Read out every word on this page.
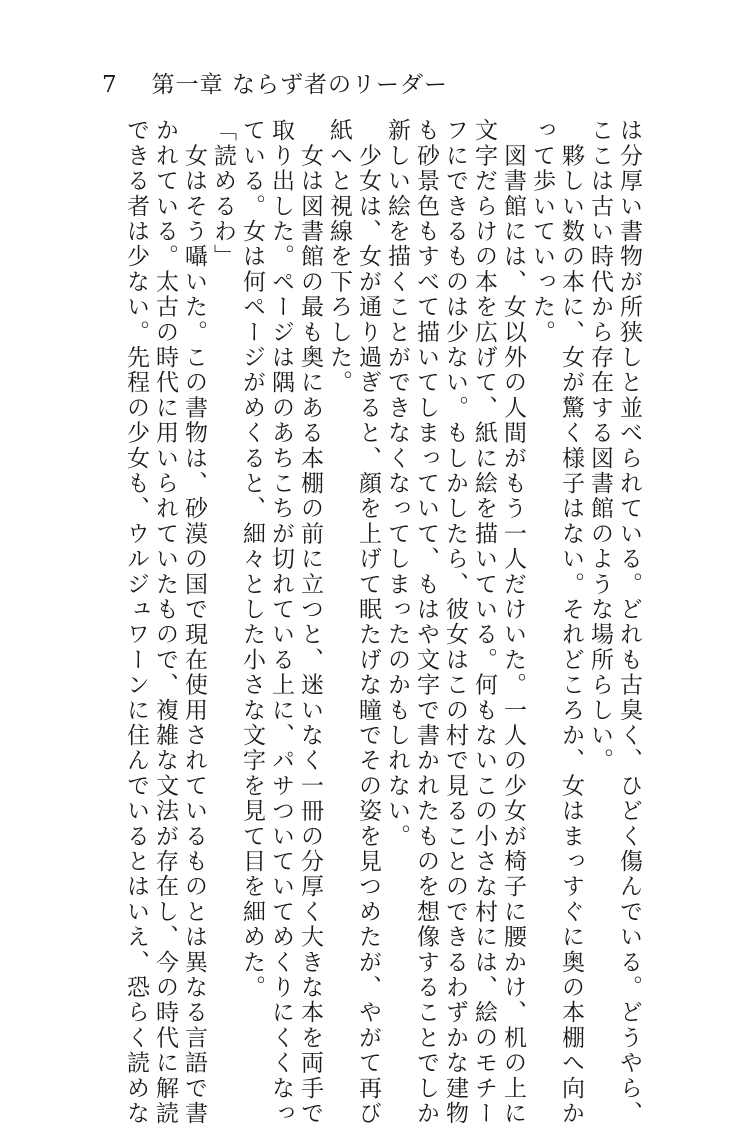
7 第一章 ならず者のリーダー
は分厚い書物が所狭しと並べられている。どれも古臭く、ひどく傷んでいる。どうやら、
ここは古い時代から存在する図書館のような場所らしい。
　夥しい数の本に、女が驚く様子はない。それどころか、女はまっすぐに奥の本棚へ向か
って歩いていった。
　図書館には、女以外の人間がもう一人だけいた。一人の少女が椅子に腰かけ、机の上に
文字だらけの本を広げて、紙に絵を描いている。何もないこの小さな村には、絵のモチー
フにできるものは少ない。もしかしたら、彼女はこの村で見ることのできるわずかな建物
も砂景色もすべて描いてしまっていて、もはや文字で書かれたものを想像することでしか
新しい絵を描くことができなくなってしまったのかもしれない。
　少女は、女が通り過ぎると、顔を上げて眠たげな瞳でその姿を見つめたが、やがて再び
紙へと視線を下ろした。
　女は図書館の最も奥にある本棚の前に立つと、迷いなく一冊の分厚く大きな本を両手で
取り出した。ページは隅のあちこちが切れている上に、パサついていてめくりにくくなっ
ている。女は何ページがめくると、細々とした小さな文字を見て目を細めた。
「読めるわ」
　女はそう囁いた。この書物は、砂漠の国で現在使用されているものとは異なる言語で書
かれている。太古の時代に用いられていたもので、複雑な文法が存在し、今の時代に解読
できる者は少ない。先程の少女も、ウルジュワーンに住んでいるとはいえ、恐らく読めな
